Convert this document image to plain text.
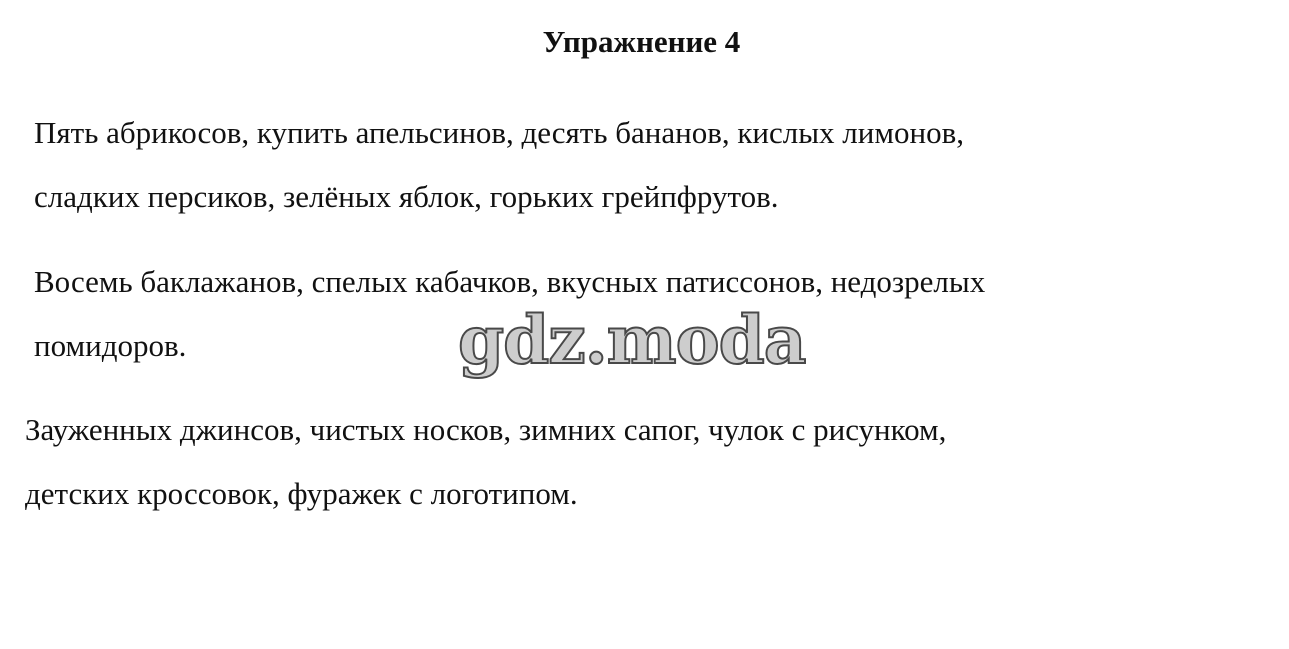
Упражнение 4

Пять абрикосов, купить апельсинов, десять бананов, кислых лимонов,
сладких персиков, зелёных яблок, горьких грейпфрутов.

Восемь баклажанов, спелых кабачков, вкусных патиссонов, недозрелых
помидоров.

Зауженных джинсов, чистых носков, зимних сапог, чулок с рисунком,
детских кроссовок, фуражек с логотипом.

gdz.moda
